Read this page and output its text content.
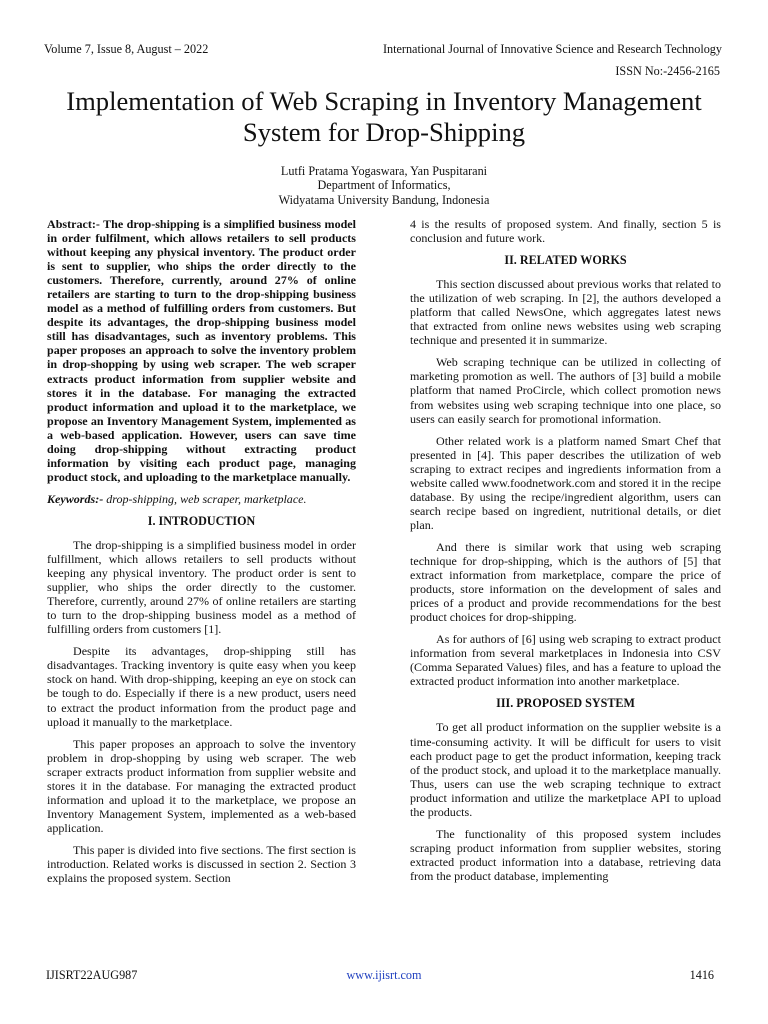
Volume 7, Issue 8, August – 2022	International Journal of Innovative Science and Research Technology
ISSN No:-2456-2165
Implementation of Web Scraping in Inventory Management System for Drop-Shipping
Lutfi Pratama Yogaswara, Yan Puspitarani
Department of Informatics,
Widyatama University Bandung, Indonesia

Abstract:- The drop-shipping is a simplified business model in order fulfilment, which allows retailers to sell products without keeping any physical inventory. The product order is sent to supplier, who ships the order directly to the customers. Therefore, currently, around 27% of online retailers are starting to turn to the drop-shipping business model as a method of fulfilling orders from customers. But despite its advantages, the drop-shipping business model still has disadvantages, such as inventory problems. This paper proposes an approach to solve the inventory problem in drop-shopping by using web scraper. The web scraper extracts product information from supplier website and stores it in the database. For managing the extracted product information and upload it to the marketplace, we propose an Inventory Management System, implemented as a web-based application. However, users can save time doing drop-shipping without extracting product information by visiting each product page, managing product stock, and uploading to the marketplace manually.

Keywords:- drop-shipping, web scraper, marketplace.

I. INTRODUCTION

The drop-shipping is a simplified business model in order fulfillment, which allows retailers to sell products without keeping any physical inventory. The product order is sent to supplier, who ships the order directly to the customer. Therefore, currently, around 27% of online retailers are starting to turn to the drop-shipping business model as a method of fulfilling orders from customers [1].

Despite its advantages, drop-shipping still has disadvantages. Tracking inventory is quite easy when you keep stock on hand. With drop-shipping, keeping an eye on stock can be tough to do. Especially if there is a new product, users need to extract the product information from the product page and upload it manually to the marketplace.

This paper proposes an approach to solve the inventory problem in drop-shopping by using web scraper. The web scraper extracts product information from supplier website and stores it in the database. For managing the extracted product information and upload it to the marketplace, we propose an Inventory Management System, implemented as a web-based application.

This paper is divided into five sections. The first section is introduction. Related works is discussed in section 2. Section 3 explains the proposed system. Section

4 is the results of proposed system. And finally, section 5 is conclusion and future work.

II. RELATED WORKS

This section discussed about previous works that related to the utilization of web scraping. In [2], the authors developed a platform that called NewsOne, which aggregates latest news that extracted from online news websites using web scraping technique and presented it in summarize.

Web scraping technique can be utilized in collecting of marketing promotion as well. The authors of [3] build a mobile platform that named ProCircle, which collect promotion news from websites using web scraping technique into one place, so users can easily search for promotional information.

Other related work is a platform named Smart Chef that presented in [4]. This paper describes the utilization of web scraping to extract recipes and ingredients information from a website called www.foodnetwork.com and stored it in the recipe database. By using the recipe/ingredient algorithm, users can search recipe based on ingredient, nutritional details, or diet plan.

And there is similar work that using web scraping technique for drop-shipping, which is the authors of [5] that extract information from marketplace, compare the price of products, store information on the development of sales and prices of a product and provide recommendations for the best product choices for drop-shipping.

As for authors of [6] using web scraping to extract product information from several marketplaces in Indonesia into CSV (Comma Separated Values) files, and has a feature to upload the extracted product information into another marketplace.

III. PROPOSED SYSTEM

To get all product information on the supplier website is a time-consuming activity. It will be difficult for users to visit each product page to get the product information, keeping track of the product stock, and upload it to the marketplace manually. Thus, users can use the web scraping technique to extract product information and utilize the marketplace API to upload the products.

The functionality of this proposed system includes scraping product information from supplier websites, storing extracted product information into a database, retrieving data from the product database, implementing

IJISRT22AUG987	www.ijisrt.com	1416
